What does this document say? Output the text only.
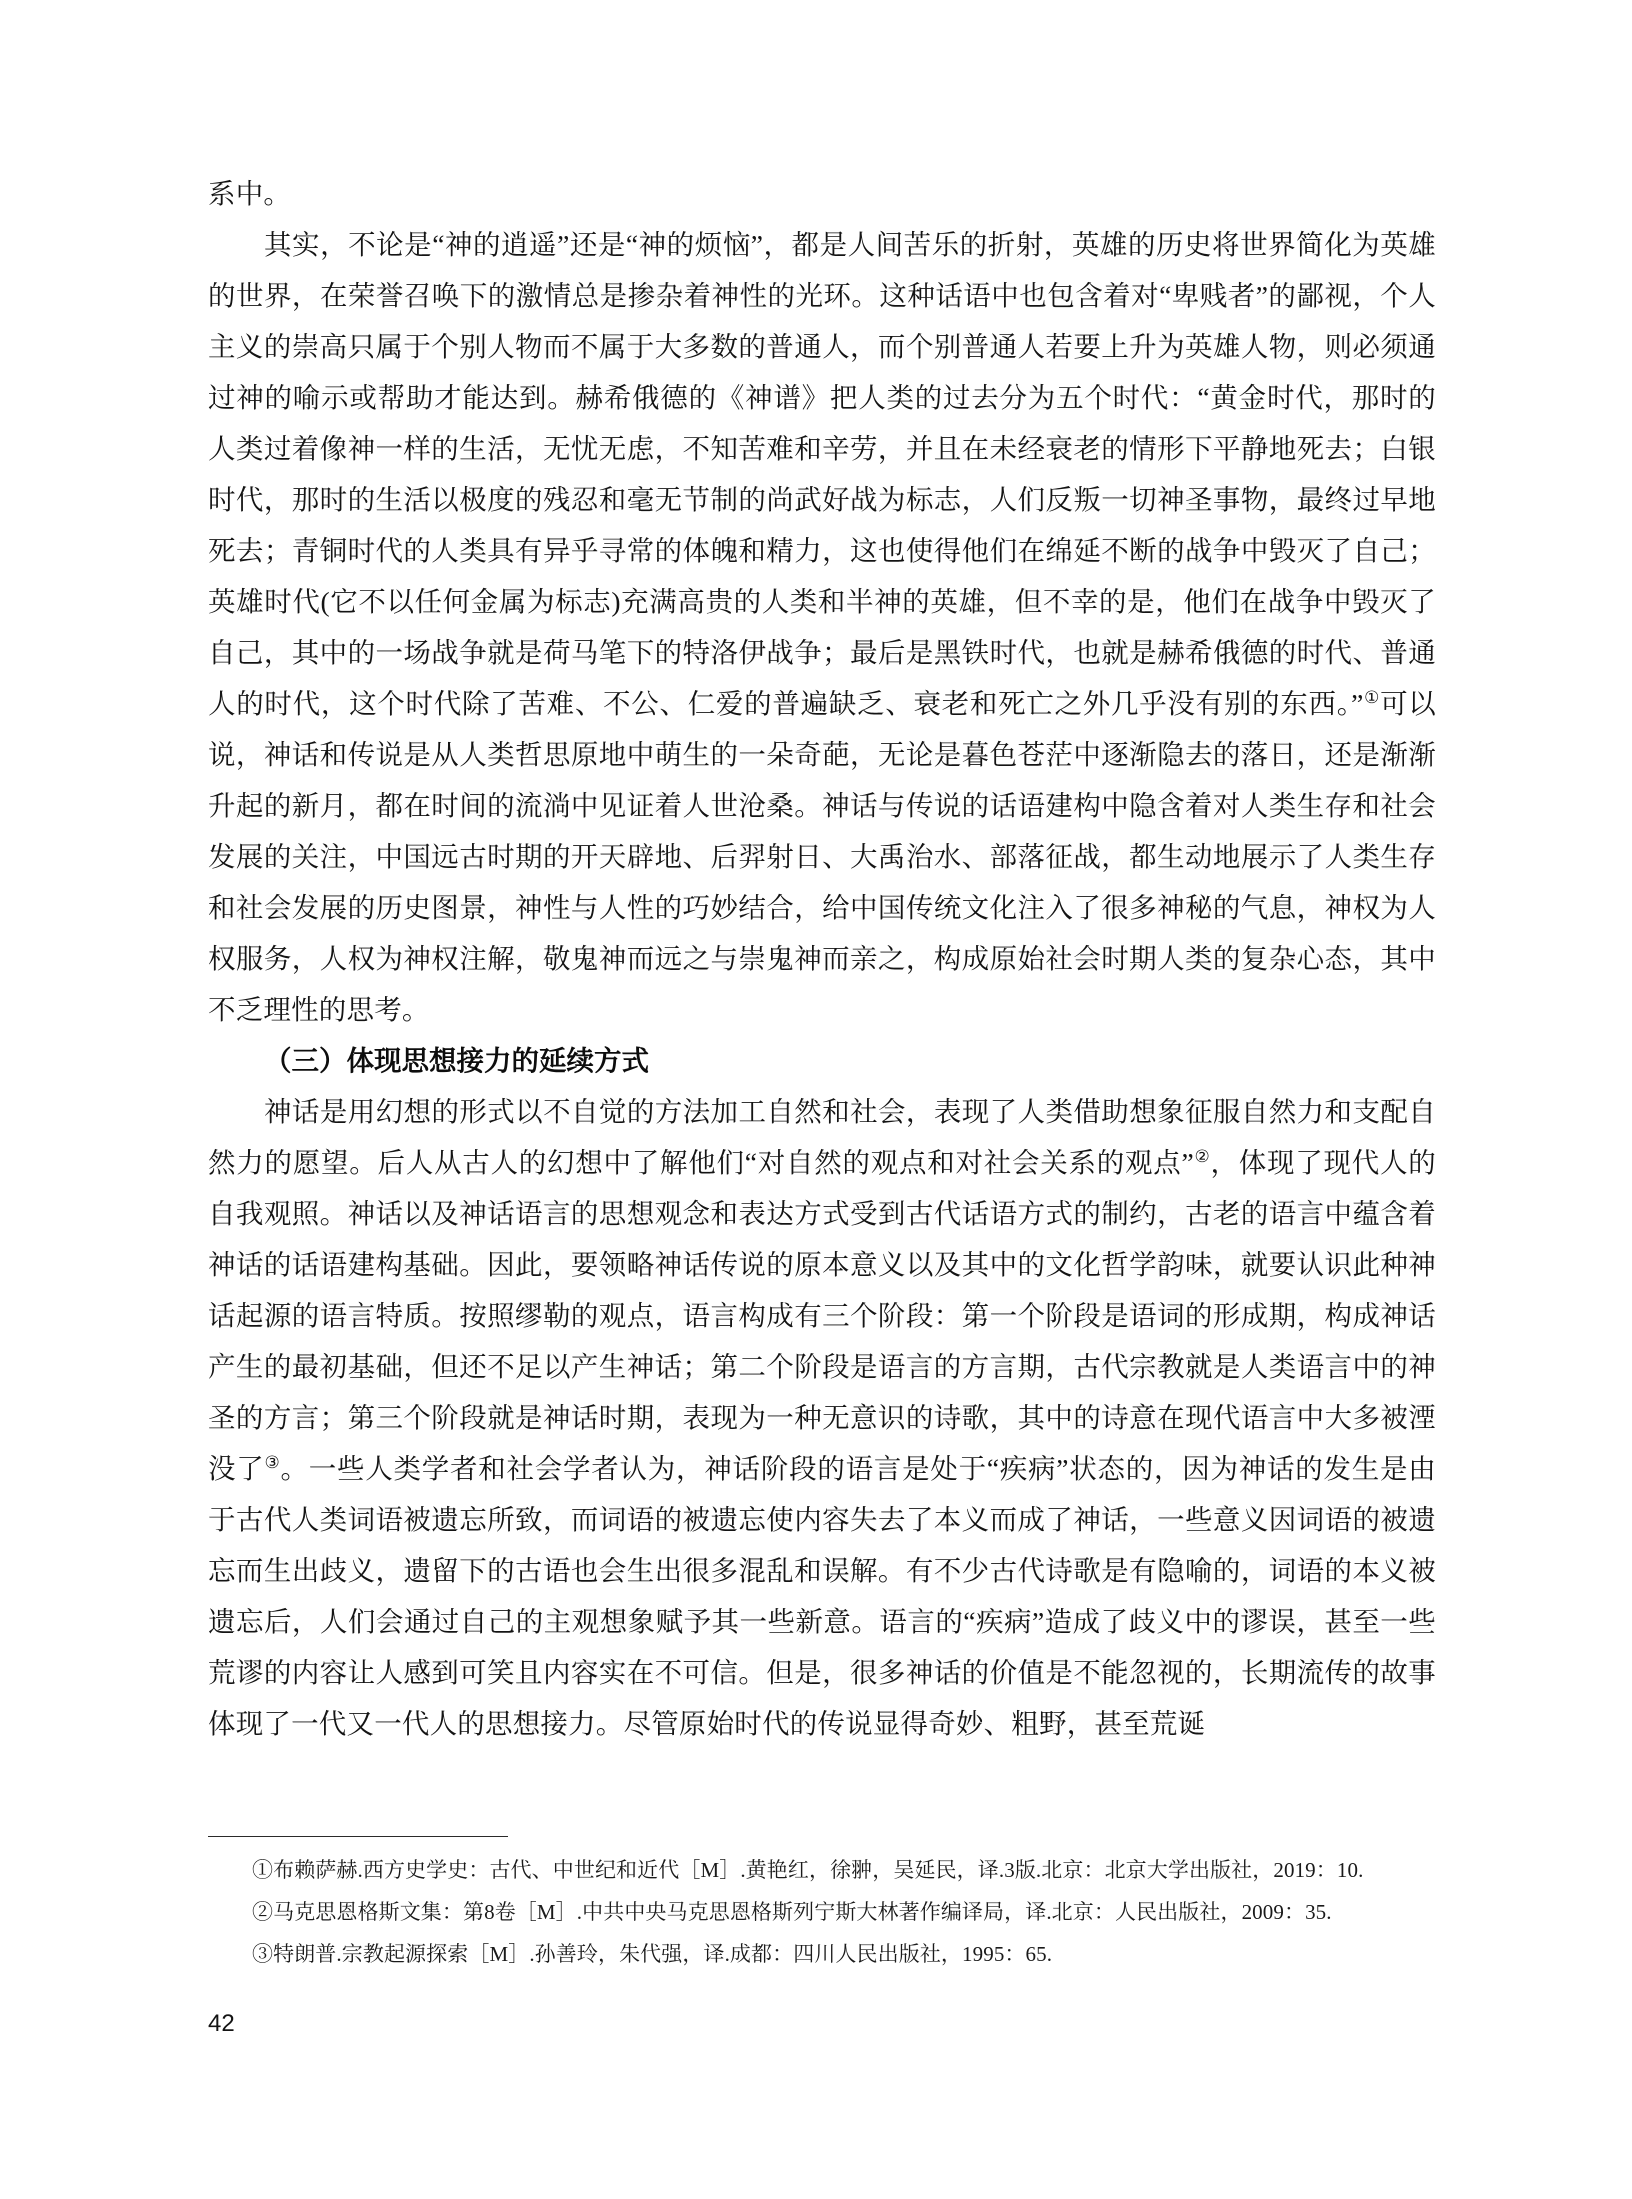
系中。

其实，不论是“神的逍遥”还是“神的烦恼”，都是人间苦乐的折射，英雄的历史将世界简化为英雄的世界，在荣誉召唤下的激情总是掺杂着神性的光环。这种话语中也包含着对“卑贱者”的鄙视，个人主义的崇高只属于个别人物而不属于大多数的普通人，而个别普通人若要上升为英雄人物，则必须通过神的喻示或帮助才能达到。赫希俄德的《神谱》把人类的过去分为五个时代：“黄金时代，那时的人类过着像神一样的生活，无忧无虑，不知苦难和辛劳，并且在未经衰老的情形下平静地死去；白银时代，那时的生活以极度的残忍和毫无节制的尚武好战为标志，人们反叛一切神圣事物，最终过早地死去；青铜时代的人类具有异乎寻常的体魄和精力，这也使得他们在绵延不断的战争中毁灭了自己；英雄时代(它不以任何金属为标志)充满高贵的人类和半神的英雄，但不幸的是，他们在战争中毁灭了自己，其中的一场战争就是荷马笔下的特洛伊战争；最后是黑铁时代，也就是赫希俄德的时代、普通人的时代，这个时代除了苦难、不公、仁爱的普遍缺乏、衰老和死亡之外几乎没有别的东西。”①可以说，神话和传说是从人类哲思原地中萌生的一朵奇葩，无论是暮色苍茫中逐渐隐去的落日，还是渐渐升起的新月，都在时间的流淌中见证着人世沧桑。神话与传说的话语建构中隐含着对人类生存和社会发展的关注，中国远古时期的开天辟地、后羿射日、大禹治水、部落征战，都生动地展示了人类生存和社会发展的历史图景，神性与人性的巧妙结合，给中国传统文化注入了很多神秘的气息，神权为人权服务，人权为神权注解，敬鬼神而远之与崇鬼神而亲之，构成原始社会时期人类的复杂心态，其中不乏理性的思考。

（三）体现思想接力的延续方式

神话是用幻想的形式以不自觉的方法加工自然和社会，表现了人类借助想象征服自然力和支配自然力的愿望。后人从古人的幻想中了解他们“对自然的观点和对社会关系的观点”②，体现了现代人的自我观照。神话以及神话语言的思想观念和表达方式受到古代话语方式的制约，古老的语言中蕴含着神话的话语建构基础。因此，要领略神话传说的原本意义以及其中的文化哲学韵味，就要认识此种神话起源的语言特质。按照缪勒的观点，语言构成有三个阶段：第一个阶段是语词的形成期，构成神话产生的最初基础，但还不足以产生神话；第二个阶段是语言的方言期，古代宗教就是人类语言中的神圣的方言；第三个阶段就是神话时期，表现为一种无意识的诗歌，其中的诗意在现代语言中大多被湮没了③。一些人类学者和社会学者认为，神话阶段的语言是处于“疾病”状态的，因为神话的发生是由于古代人类词语被遗忘所致，而词语的被遗忘使内容失去了本义而成了神话，一些意义因词语的被遗忘而生出歧义，遗留下的古语也会生出很多混乱和误解。有不少古代诗歌是有隐喻的，词语的本义被遗忘后，人们会通过自己的主观想象赋予其一些新意。语言的“疾病”造成了歧义中的谬误，甚至一些荒谬的内容让人感到可笑且内容实在不可信。但是，很多神话的价值是不能忽视的，长期流传的故事体现了一代又一代人的思想接力。尽管原始时代的传说显得奇妙、粗野，甚至荒诞

①布赖萨赫.西方史学史：古代、中世纪和近代［M］.黄艳红，徐翀，吴延民，译.3版.北京：北京大学出版社，2019：10.

②马克思恩格斯文集：第8卷［M］.中共中央马克思恩格斯列宁斯大林著作编译局，译.北京：人民出版社，2009：35.

③特朗普.宗教起源探索［M］.孙善玲，朱代强，译.成都：四川人民出版社，1995：65.

42
